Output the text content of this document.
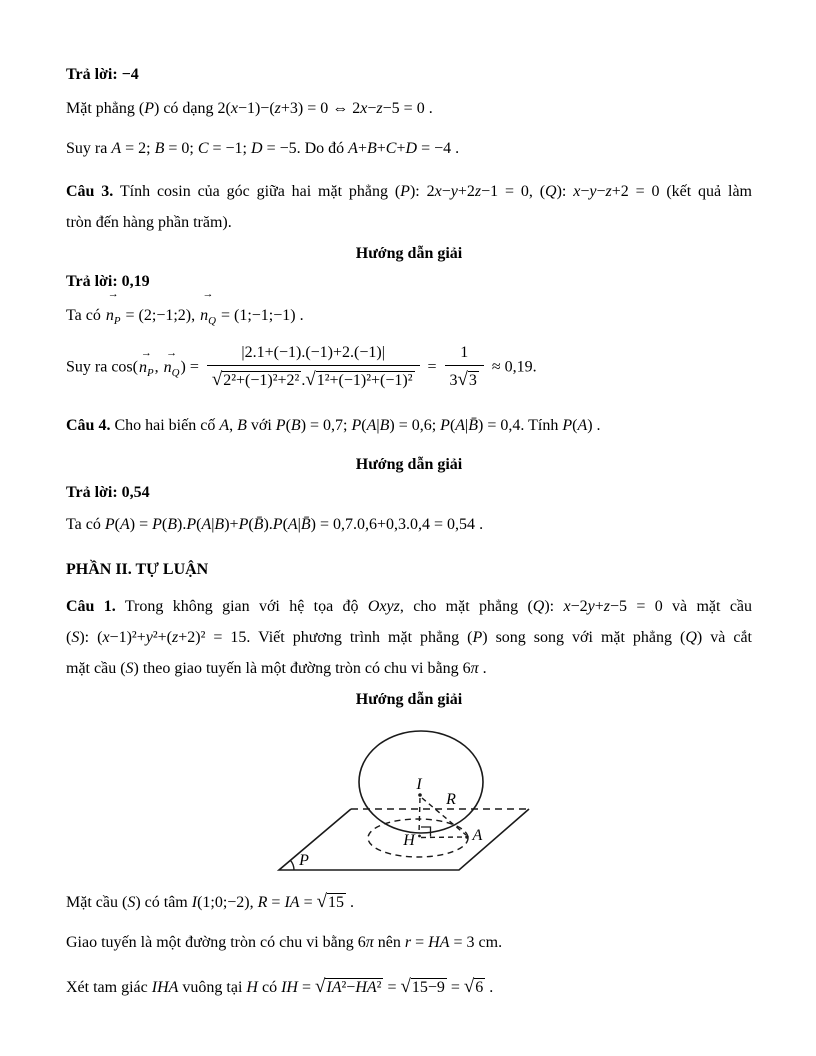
Trả lời: −4

Mặt phẳng (P) có dạng 2(x−1)−(z+3) = 0 ⇔ 2x−z−5 = 0 .

Suy ra A = 2; B = 0; C = −1; D = −5. Do đó A+B+C+D = −4 .

Câu 3. Tính cosin của góc giữa hai mặt phẳng (P): 2x−y+2z−1 = 0, (Q): x−y−z+2 = 0 (kết quả làm
tròn đến hàng phần trăm).

Hướng dẫn giải

Trả lời: 0,19

Ta có
→
$n_P$ = (2;−1;2),
→
$n_Q$ = (1;−1;−1) .

Suy ra cos(
→
$n_P$,
→
$n_Q) = |2.1+(-1).(-1)+2.(-1)|$
√ 2²+(−1)²+2² . √ $1^2+(-1)^2+(-1)^2 = \frac{1}{3 √ 3} \approx 0,19$.

Câu 4. Cho hai biến cố A, B với P(B) = 0,7; P(A|B) = 0,6; P(A|B̄) = 0,4. Tính P(A) .

Hướng dẫn giải

Trả lời: 0,54

Ta có P(A) = P(B).P(A|B)+P(B̄).P(A|B̄) = 0,7.0,6+0,3.0,4 = 0,54 .

PHẦN II. TỰ LUẬN

Câu 1. Trong không gian với hệ tọa độ Oxyz, cho mặt phẳng (Q): x−2y+z−5 = 0 và mặt cầu
(S): (x−1)²+y²+(z+2)² = 15. Viết phương trình mặt phẳng (P) song song với mặt phẳng (Q) và cắt
mặt cầu (S) theo giao tuyến là một đường tròn có chu vi bằng 6π .

Hướng dẫn giải

I
R
H	A
P

Mặt cầu (S) có tâm I(1;0;−2), R = IA = √ 15 .

Giao tuyến là một đường tròn có chu vi bằng 6π nên r = HA = 3 cm.

Xét tam giác IHA vuông tại H có IH = √ IA²−HA² = √ 15−9 = √ 6 .
